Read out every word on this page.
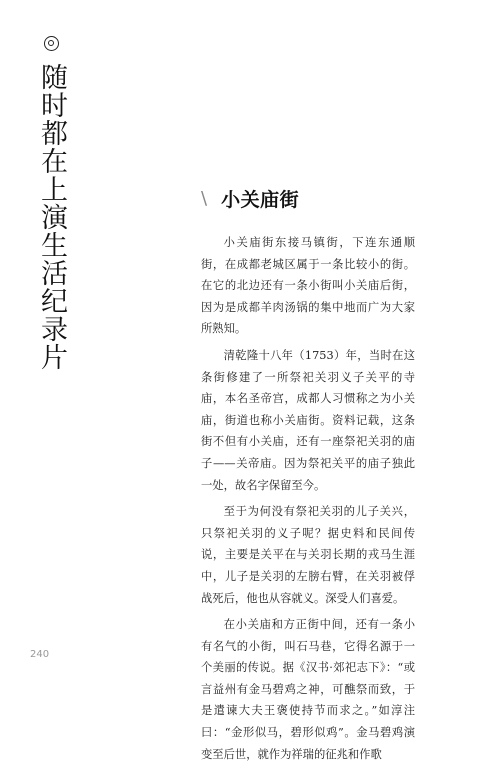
随时都在上演生活纪录片	\ 小关庙街

小关庙街东接马镇街，下连东通顺街，在成都老城区属于一条比较小的街。在它的北边还有一条小街叫小关庙后街，因为是成都羊肉汤锅的集中地而广为大家所熟知。

清乾隆十八年（1753）年，当时在这条街修建了一所祭祀关羽义子关平的寺庙，本名圣帝宫，成都人习惯称之为小关庙，街道也称小关庙街。资料记载，这条街不但有小关庙，还有一座祭祀关羽的庙子——关帝庙。因为祭祀关平的庙子独此一处，故名字保留至今。

至于为何没有祭祀关羽的儿子关兴，只祭祀关羽的义子呢？据史料和民间传说，主要是关平在与关羽长期的戎马生涯中，儿子是关羽的左膀右臂，在关羽被俘战死后，他也从容就义。深受人们喜爱。

在小关庙和方正街中间，还有一条小有名气的小街，叫石马巷，它得名源于一个美丽的传说。据《汉书·郊祀志下》：“或言益州有金马碧鸡之神，可醮祭而致，于是遣谏大夫王褒使持节而求之。”如淳注曰：“金形似马，碧形似鸡”。金马碧鸡演变至后世，就作为祥瑞的征兆和作歌

240
